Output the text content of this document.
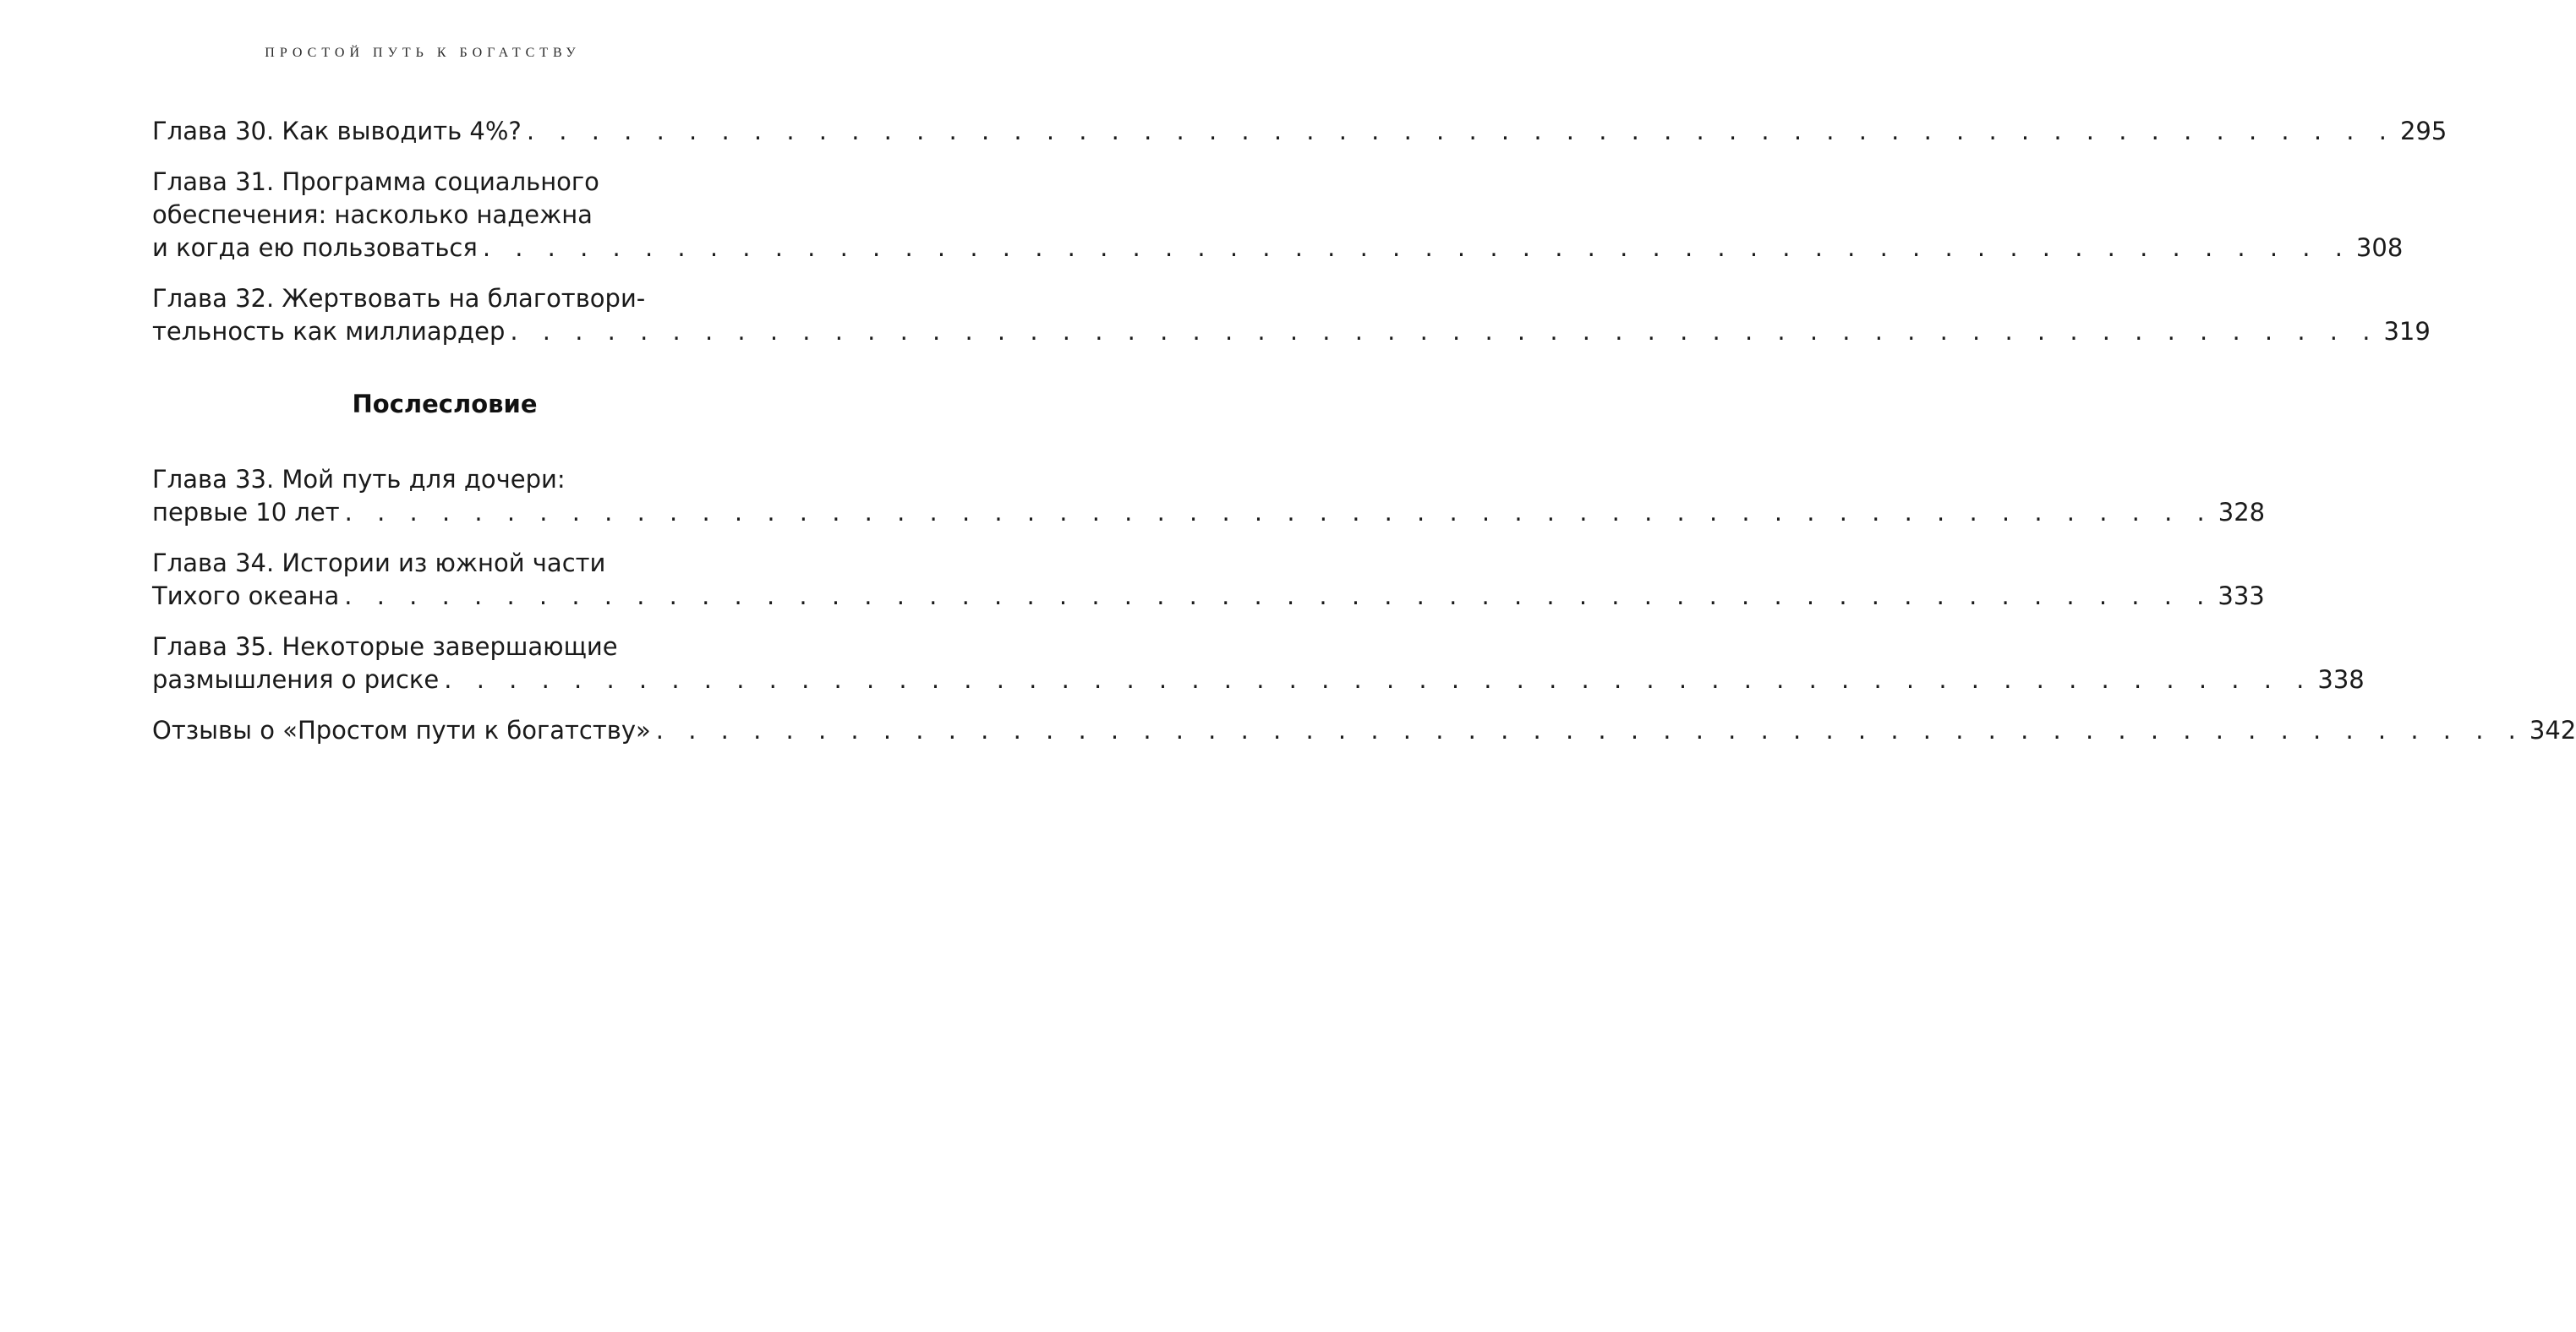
ПРОСТОЙ ПУТЬ К БОГАТСТВУ
Глава 30. Как выводить 4%? . . . . . . . . . . . . . . . . . . . . . . . . . . . . . . . . . . . . . . . . . . . . . . . . . . . . . . . . . . 295
Глава 31. Программа социального
обеспечения: насколько надежна
и когда ею пользоваться . . . . . . . . . . . . . . . . . . . . . . . . . . . . . . . . . . . . . . . . . . . . . . . . . . . . . . . . . . 308
Глава 32. Жертвовать на благотвори-
тельность как миллиардер . . . . . . . . . . . . . . . . . . . . . . . . . . . . . . . . . . . . . . . . . . . . . . . . . . . . . . . . . . 319
Послесловие
Глава 33. Мой путь для дочери:
первые 10 лет . . . . . . . . . . . . . . . . . . . . . . . . . . . . . . . . . . . . . . . . . . . . . . . . . . . . . . . . . . 328
Глава 34. Истории из южной части
Тихого океана . . . . . . . . . . . . . . . . . . . . . . . . . . . . . . . . . . . . . . . . . . . . . . . . . . . . . . . . . . 333
Глава 35. Некоторые завершающие
размышления о риске . . . . . . . . . . . . . . . . . . . . . . . . . . . . . . . . . . . . . . . . . . . . . . . . . . . . . . . . . . 338
Отзывы о «Простом пути к богатству» . . . . . . . . . . . . . . . . . . . . . . . . . . . . . . . . . . . . . . . . . . . . . . . . . . . . . . . . . . 342
